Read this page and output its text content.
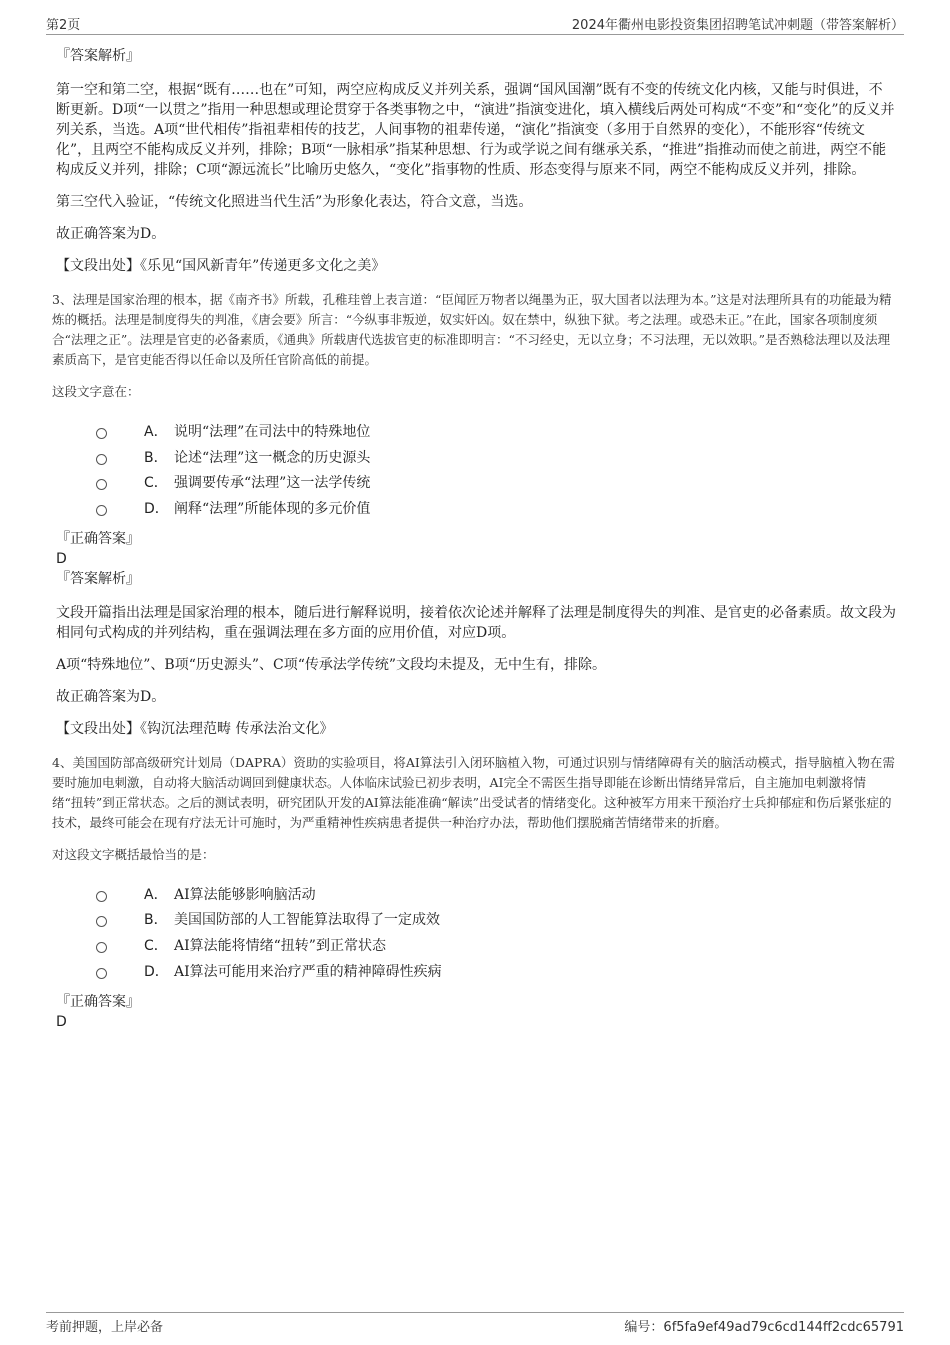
第2页	2024年衢州电影投资集团招聘笔试冲刺题（带答案解析）

『答案解析』

第一空和第二空，根据“既有……也在”可知，两空应构成反义并列关系，强调“国风国潮”既有不变的传统文化内核，又能与时俱进，不断更新。D项“一以贯之”指用一种思想或理论贯穿于各类事物之中，“演进”指演变进化，填入横线后两处可构成“不变”和“变化”的反义并列关系，当选。A项“世代相传”指祖辈相传的技艺，人间事物的祖辈传递，“演化”指演变（多用于自然界的变化），不能形容“传统文化”，且两空不能构成反义并列，排除；B项“一脉相承”指某种思想、行为或学说之间有继承关系，“推进”指推动而使之前进，两空不能构成反义并列，排除；C项“源远流长”比喻历史悠久，“变化”指事物的性质、形态变得与原来不同，两空不能构成反义并列，排除。

第三空代入验证，“传统文化照进当代生活”为形象化表达，符合文意，当选。

故正确答案为D。

【文段出处】《乐见“国风新青年”传递更多文化之美》

3、法理是国家治理的根本，据《南齐书》所载，孔稚珪曾上表言道：“臣闻匠万物者以绳墨为正，驭大国者以法理为本。”这是对法理所具有的功能最为精炼的概括。法理是制度得失的判准，《唐会要》所言：“今纵事非叛逆，奴实奸凶。奴在禁中，纵独下狱。考之法理。或恐未正。”在此，国家各项制度须合“法理之正”。法理是官吏的必备素质，《通典》所载唐代选拔官吏的标准即明言：“不习经史，无以立身；不习法理，无以效职。”是否熟稔法理以及法理素质高下，是官吏能否得以任命以及所任官阶高低的前提。

这段文字意在：

A． 说明“法理”在司法中的特殊地位
B． 论述“法理”这一概念的历史源头
C． 强调要传承“法理”这一法学传统
D． 阐释“法理”所能体现的多元价值

『正确答案』

D

『答案解析』

文段开篇指出法理是国家治理的根本，随后进行解释说明，接着依次论述并解释了法理是制度得失的判准、是官吏的必备素质。故文段为相同句式构成的并列结构，重在强调法理在多方面的应用价值，对应D项。

A项“特殊地位”、B项“历史源头”、C项“传承法学传统”文段均未提及，无中生有，排除。

故正确答案为D。

【文段出处】《钩沉法理范畴 传承法治文化》

4、美国国防部高级研究计划局（DAPRA）资助的实验项目，将AI算法引入闭环脑植入物，可通过识别与情绪障碍有关的脑活动模式，指导脑植入物在需要时施加电刺激，自动将大脑活动调回到健康状态。人体临床试验已初步表明，AI完全不需医生指导即能在诊断出情绪异常后，自主施加电刺激将情绪“扭转”到正常状态。之后的测试表明，研究团队开发的AI算法能准确“解读”出受试者的情绪变化。这种被军方用来干预治疗士兵抑郁症和伤后紧张症的技术，最终可能会在现有疗法无计可施时，为严重精神性疾病患者提供一种治疗办法，帮助他们摆脱痛苦情绪带来的折磨。

对这段文字概括最恰当的是：

A． AI算法能够影响脑活动
B． 美国国防部的人工智能算法取得了一定成效
C． AI算法能将情绪“扭转”到正常状态
D． AI算法可能用来治疗严重的精神障碍性疾病

『正确答案』

D

考前押题，上岸必备	编号：6f5fa9ef49ad79c6cd144ff2cdc65791
